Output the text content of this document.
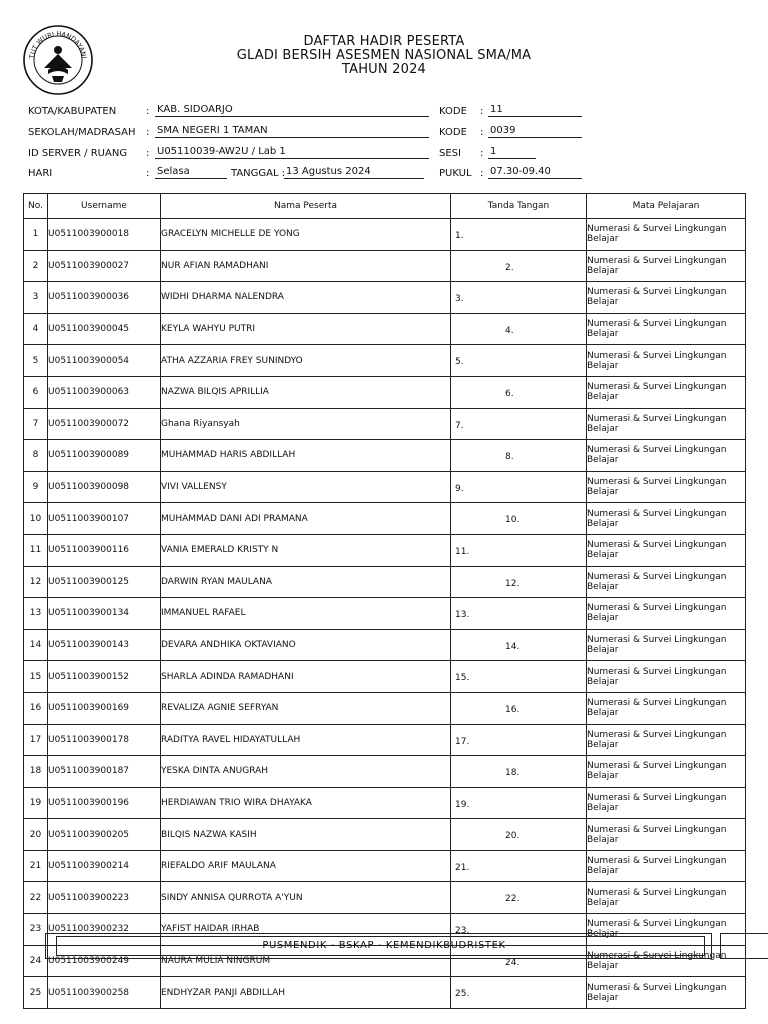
TUT WURI HANDAYANI
DAFTAR HADIR PESERTA
GLADI BERSIH ASESMEN NASIONAL SMA/MA
TAHUN 2024
KOTA/KABUPATEN	: KAB. SIDOARJO	KODE : 11
SEKOLAH/MADRASAH : SMA NEGERI 1 TAMAN	KODE : 0039
ID SERVER / RUANG : U05110039-AW2U / Lab 1	SESI : 1
HARI	: Selasa	TANGGAL : 13 Agustus 2024	PUKUL : 07.30-09.40
No.	Username	Nama Peserta	Tanda Tangan	Mata Pelajaran
1	U0511003900018	GRACELYN MICHELLE DE YONG	1.	Numerasi & Survei Lingkungan
Belajar

2	U0511003900027	NUR AFIAN RAMADHANI	2.	Numerasi & Survei Lingkungan
Belajar

3	U0511003900036	WIDHI DHARMA NALENDRA	3.	Numerasi & Survei Lingkungan
Belajar

4	U0511003900045	KEYLA WAHYU PUTRI	4.	Numerasi & Survei Lingkungan
Belajar

5	U0511003900054	ATHA AZZARIA FREY SUNINDYO	5.	Numerasi & Survei Lingkungan
Belajar

6	U0511003900063	NAZWA BILQIS APRILLIA	6.	Numerasi & Survei Lingkungan
Belajar

7	U0511003900072	Ghana Riyansyah	7.	Numerasi & Survei Lingkungan
Belajar

8	U0511003900089	MUHAMMAD HARIS ABDILLAH	8.	Numerasi & Survei Lingkungan
Belajar

9	U0511003900098	VIVI VALLENSY	9.	Numerasi & Survei Lingkungan
Belajar

10	U0511003900107	MUHAMMAD DANI ADI PRAMANA	10.	Numerasi & Survei Lingkungan
Belajar

11	U0511003900116	VANIA EMERALD KRISTY N	11.	Numerasi & Survei Lingkungan
Belajar

12	U0511003900125	DARWIN RYAN MAULANA	12.	Numerasi & Survei Lingkungan
Belajar

13	U0511003900134	IMMANUEL RAFAEL	13.	Numerasi & Survei Lingkungan
Belajar

14	U0511003900143	DEVARA ANDHIKA OKTAVIANO	14.	Numerasi & Survei Lingkungan
Belajar

15	U0511003900152	SHARLA ADINDA RAMADHANI	15.	Numerasi & Survei Lingkungan
Belajar

16	U0511003900169	REVALIZA AGNIE SEFRYAN	16.	Numerasi & Survei Lingkungan
Belajar

17	U0511003900178	RADITYA RAVEL HIDAYATULLAH	17.	Numerasi & Survei Lingkungan
Belajar

18	U0511003900187	YESKA DINTA ANUGRAH	18.	Numerasi & Survei Lingkungan
Belajar

19	U0511003900196	HERDIAWAN TRIO WIRA DHAYAKA	19.	Numerasi & Survei Lingkungan
Belajar

20	U0511003900205	BILQIS NAZWA KASIH	20.	Numerasi & Survei Lingkungan
Belajar

21	U0511003900214	RIEFALDO ARIF MAULANA	21.	Numerasi & Survei Lingkungan
Belajar

22	U0511003900223	SINDY ANNISA QURROTA A'YUN	22.	Numerasi & Survei Lingkungan
Belajar

23	U0511003900232	YAFIST HAIDAR IRHAB	23.	Numerasi & Survei Lingkungan
Belajar

24	U0511003900249	NAURA MULIA NINGRUM	24.	Numerasi & Survei Lingkungan
Belajar

25	U0511003900258	ENDHYZAR PANJI ABDILLAH	25.	Numerasi & Survei Lingkungan
Belajar
PUSMENDIK - BSKAP - KEMENDIKBUDRISTEK
